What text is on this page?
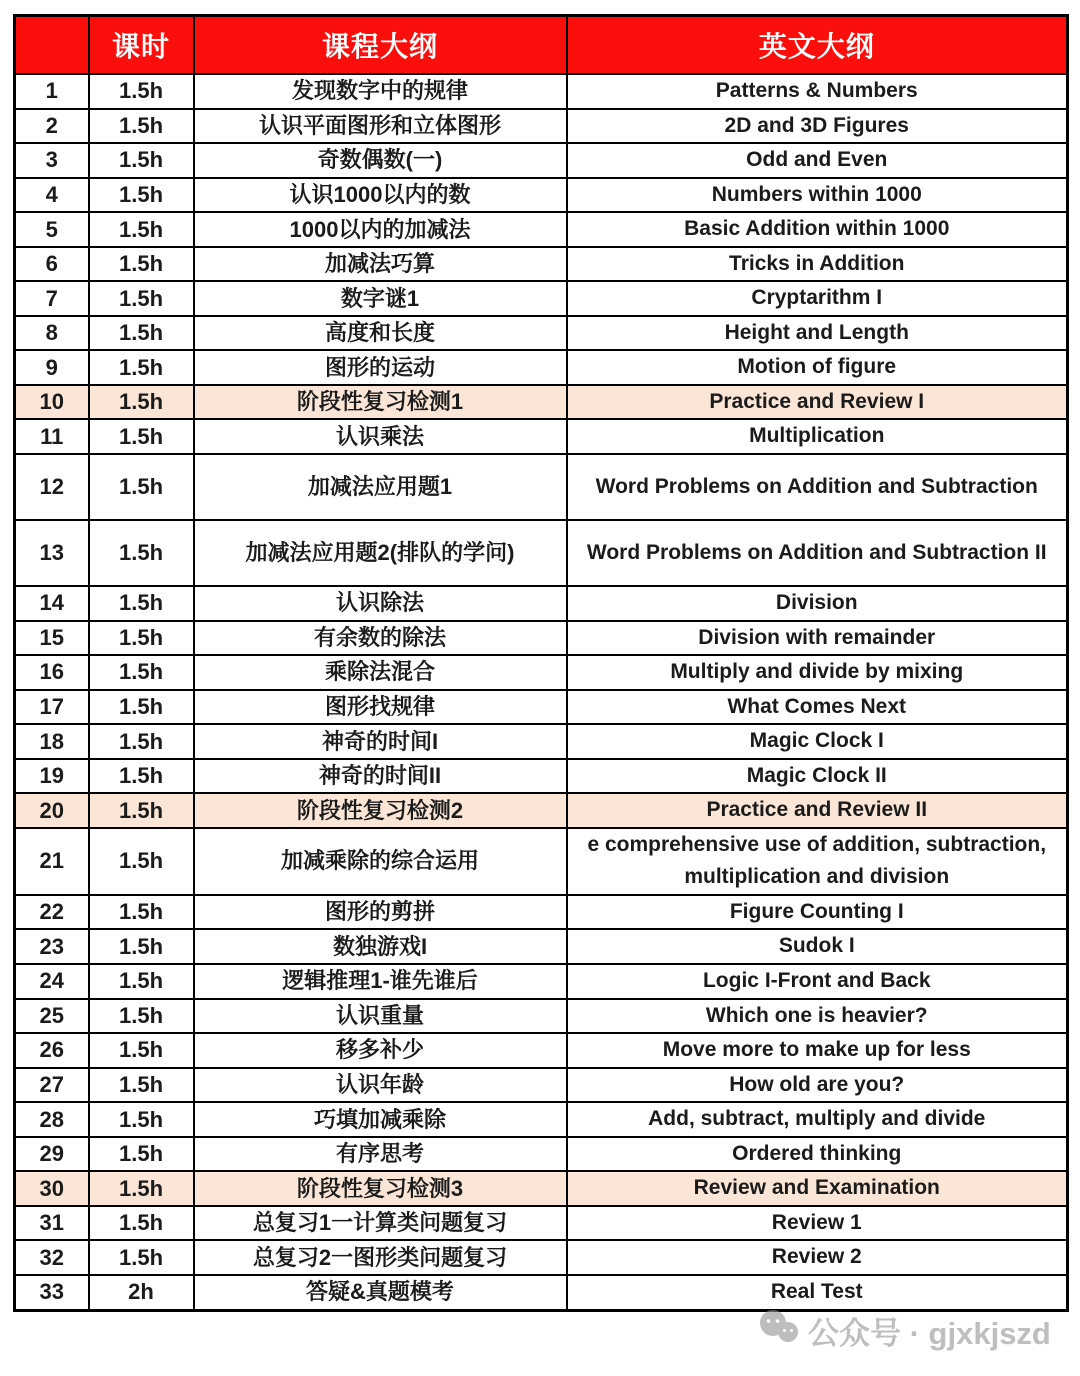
	课时	课程大纲	英文大纲
1	1.5h	发现数字中的规律	Patterns & Numbers
2	1.5h	认识平面图形和立体图形	2D and 3D Figures
3	1.5h	奇数偶数(一)	Odd and Even
4	1.5h	认识1000以内的数	Numbers within 1000
5	1.5h	1000以内的加减法	Basic Addition within 1000
6	1.5h	加减法巧算	Tricks in Addition
7	1.5h	数字谜1	Cryptarithm I
8	1.5h	高度和长度	Height and Length
9	1.5h	图形的运动	Motion of figure
10	1.5h	阶段性复习检测1	Practice and Review I
11	1.5h	认识乘法	Multiplication
12	1.5h	加减法应用题1	Word Problems on Addition and Subtraction
13	1.5h	加减法应用题2(排队的学问)	Word Problems on Addition and Subtraction II
14	1.5h	认识除法	Division
15	1.5h	有余数的除法	Division with remainder
16	1.5h	乘除法混合	Multiply and divide by mixing
17	1.5h	图形找规律	What Comes Next
18	1.5h	神奇的时间I	Magic Clock I
19	1.5h	神奇的时间II	Magic Clock II
20	1.5h	阶段性复习检测2	Practice and Review II
21	1.5h	加减乘除的综合运用	e comprehensive use of addition, subtraction, multiplication and division
22	1.5h	图形的剪拼	Figure Counting I
23	1.5h	数独游戏I	Sudok I
24	1.5h	逻辑推理1-谁先谁后	Logic I-Front and Back
25	1.5h	认识重量	Which one is heavier?
26	1.5h	移多补少	Move more to make up for less
27	1.5h	认识年龄	How old are you?
28	1.5h	巧填加减乘除	Add, subtract, multiply and divide
29	1.5h	有序思考	Ordered thinking
30	1.5h	阶段性复习检测3	Review and Examination
31	1.5h	总复习1一计算类问题复习	Review 1
32	1.5h	总复习2一图形类问题复习	Review 2
33	2h	答疑&真题模考	Real Test
公众号 · gjxkjszd
